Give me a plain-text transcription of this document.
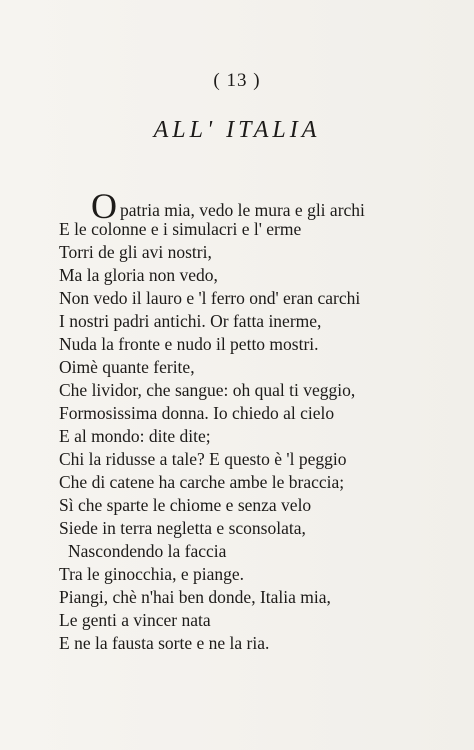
( 13 )
ALL' ITALIA
Opatria mia, vedo le mura e gli archi
E le colonne e i simulacri e l' erme
Torri de gli avi nostri,
Ma la gloria non vedo,
Non vedo il lauro e 'l ferro ond' eran carchi
I nostri padri antichi. Or fatta inerme,
Nuda la fronte e nudo il petto mostri.
Oimè quante ferite,
Che lividor, che sangue: oh qual ti veggio,
Formosissima donna. Io chiedo al cielo
E al mondo: dite dite;
Chi la ridusse a tale? E questo è 'l peggio
Che di catene ha carche ambe le braccia;
Sì che sparte le chiome e senza velo
Siede in terra negletta e sconsolata,
Nascondendo la faccia
Tra le ginocchia, e piange.
Piangi, chè n'hai ben donde, Italia mia,
Le genti a vincer nata
E ne la fausta sorte e ne la ria.
